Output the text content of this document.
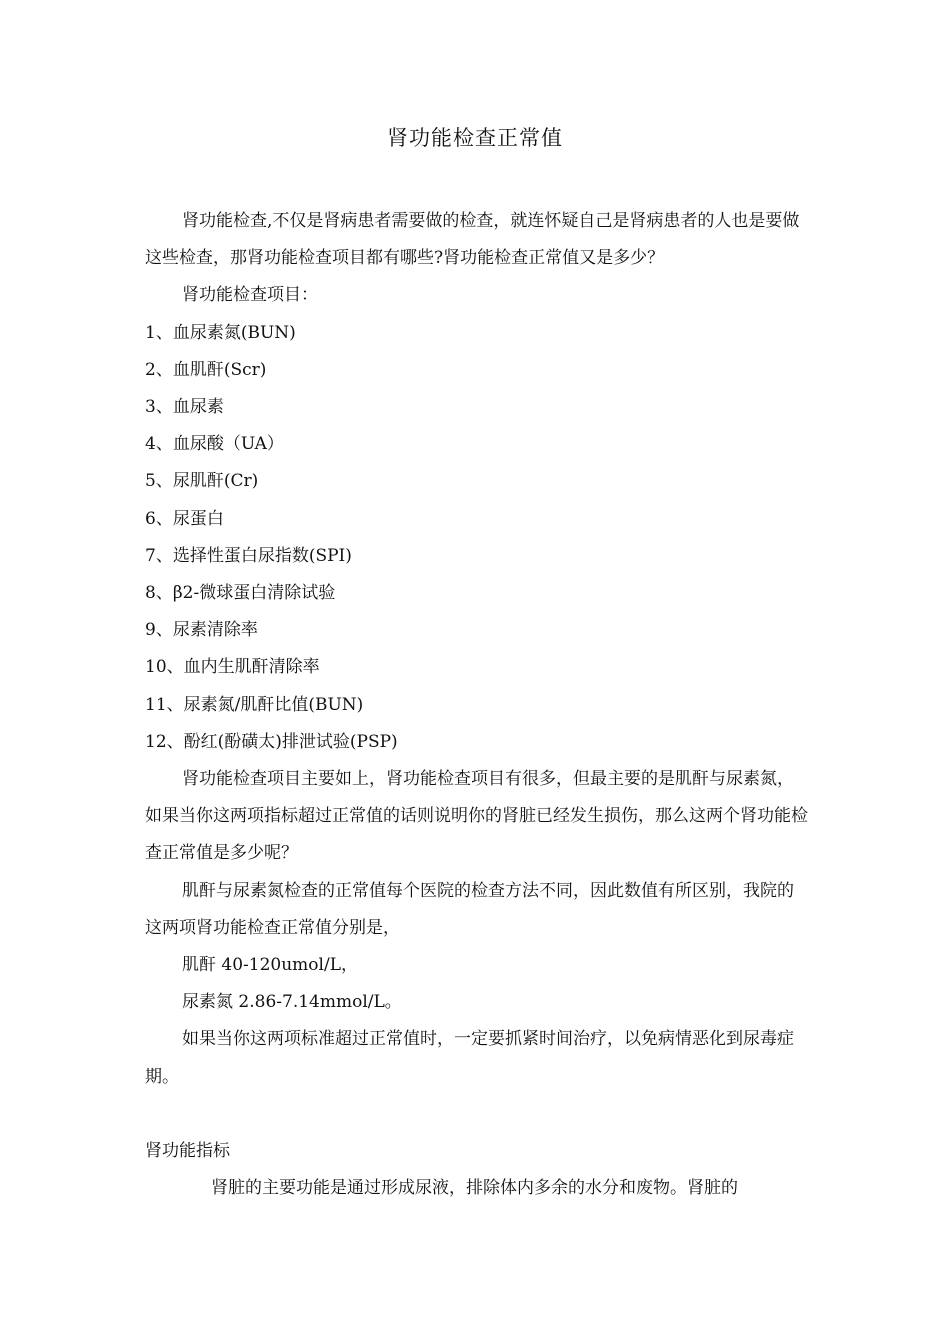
肾功能检查正常值

肾功能检查,不仅是肾病患者需要做的检查，就连怀疑自己是肾病患者的人也是要做这些检查，那肾功能检查项目都有哪些?肾功能检查正常值又是多少？

肾功能检查项目：

1、血尿素氮(BUN)

2、血肌酐(Scr)

3、血尿素

4、血尿酸（UA）

5、尿肌酐(Cr)

6、尿蛋白

7、选择性蛋白尿指数(SPI)

8、β2-微球蛋白清除试验

9、尿素清除率

10、血内生肌酐清除率

11、尿素氮/肌酐比值(BUN)

12、酚红(酚磺太)排泄试验(PSP)

肾功能检查项目主要如上，肾功能检查项目有很多，但最主要的是肌酐与尿素氮，如果当你这两项指标超过正常值的话则说明你的肾脏已经发生损伤，那么这两个肾功能检查正常值是多少呢？

肌酐与尿素氮检查的正常值每个医院的检查方法不同，因此数值有所区别，我院的这两项肾功能检查正常值分别是，

肌酐 40-120umol/L，

尿素氮 2.86-7.14mmol/L。

如果当你这两项标准超过正常值时，一定要抓紧时间治疗，以免病情恶化到尿毒症期。

肾功能指标

肾脏的主要功能是通过形成尿液，排除体内多余的水分和废物。肾脏的
